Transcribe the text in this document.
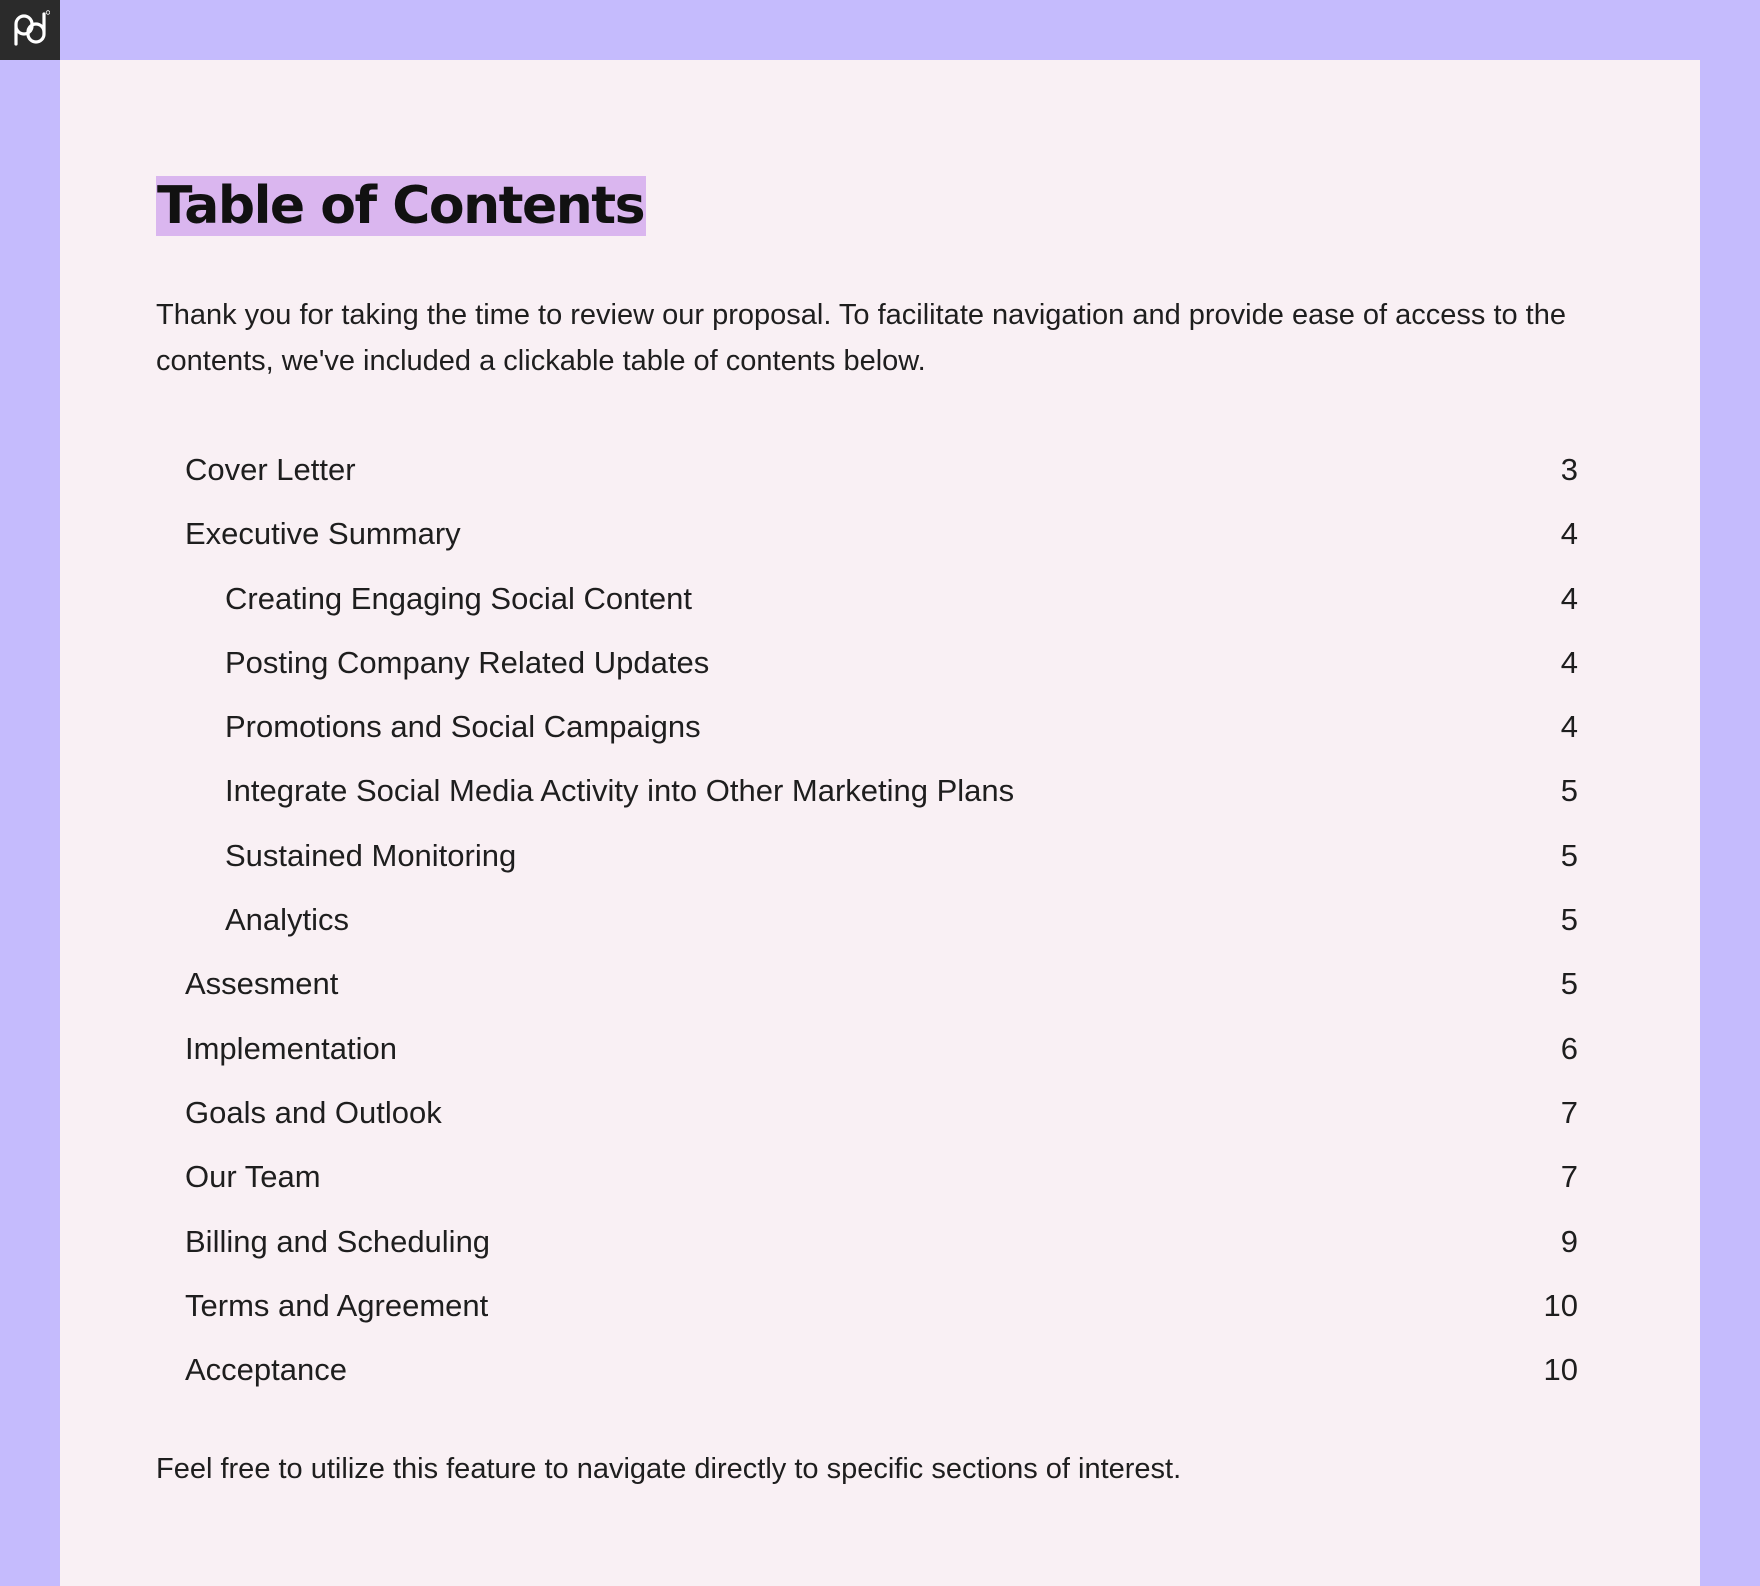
Table of Contents

Thank you for taking the time to review our proposal. To facilitate navigation and provide ease of access to the contents, we've included a clickable table of contents below.

Cover Letter	3
Executive Summary	4
Creating Engaging Social Content	4
Posting Company Related Updates	4
Promotions and Social Campaigns	4
Integrate Social Media Activity into Other Marketing Plans	5
Sustained Monitoring	5
Analytics	5
Assesment	5
Implementation	6
Goals and Outlook	7
Our Team	7
Billing and Scheduling	9
Terms and Agreement	10
Acceptance	10

Feel free to utilize this feature to navigate directly to specific sections of interest.
